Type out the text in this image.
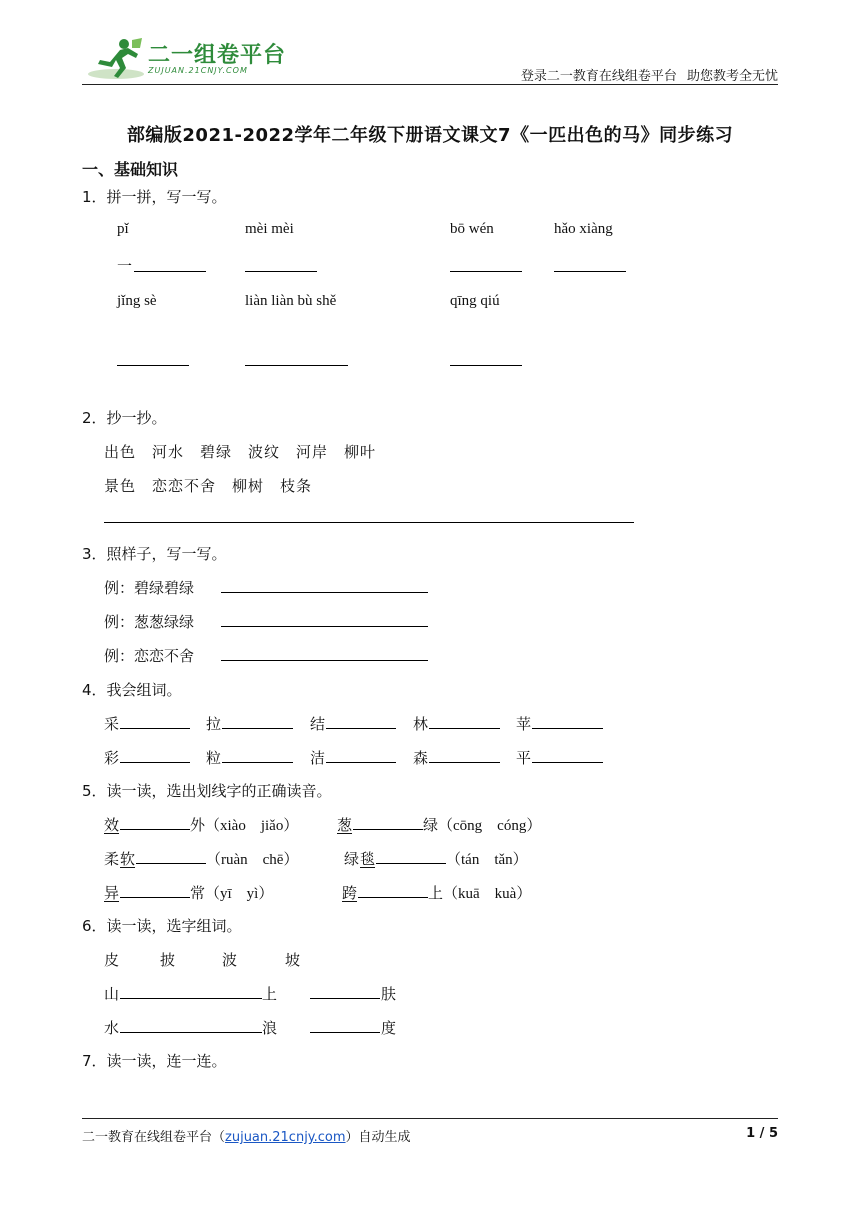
二一组卷平台
ZUJUAN.21CNJY.COM	登录二一教育在线组卷平台 助您教考全无忧
部编版2021-2022学年二年级下册语文课文7《一匹出色的马》同步练习
一、基础知识
1．拼一拼，写一写。
pǐ	mèi mèi	bō wén	hǎo xiàng
一
jǐng sè	liàn liàn bù shě	qīng qiú
2．抄一抄。
出色　河水　碧绿　波纹　河岸　柳叶
景色　恋恋不舍　柳树　枝条
3．照样子，写一写。
例：碧绿碧绿
例：葱葱绿绿
例：恋恋不舍
4．我会组词。
采	拉	结	林	苹
彩	粒	洁	森	平
5．读一读，选出划线字的正确读音。
效	外（xiào　jiǎo）	葱	绿（cōng　cóng）
柔 软	（ruàn　chē）	绿 毯	（tán　tǎn）
异	常（yī　yì）	跨	上（kuā　kuà）
6．读一读，选字组词。
皮	披	波	坡
山	上	肤
水	浪	度
7．读一读，连一连。
二一教育在线组卷平台（zujuan.21cnjy.com）自动生成	1 / 5
